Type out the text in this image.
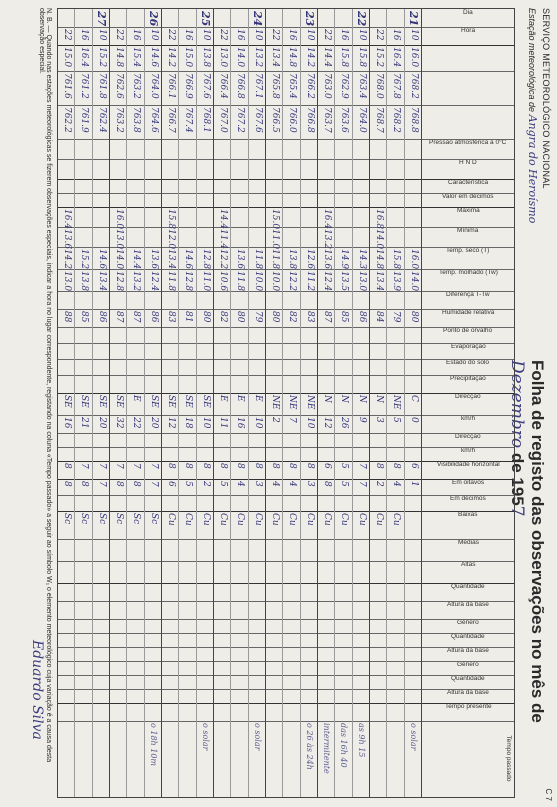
SERVIÇO METEOROLÓGICO NACIONAL
Estação meteorológica de Angra do Heroísmo
Folha de registo das observações no mês de Dezembro de 1957
C 7
Dia
Hora
Pressão atmosférica a 0°C
H N D
Característica
Valor em décimos
Máxima
Mínima
Temp. seco (T)
Temp. molhado (Tw)
Diferença T-Tw
Humidade relativa
Ponto de orvalho
Evaporação
Estado do solo
Precipitação
Direcção
km/h
Direcção
km/h
Visibilidade horizontal
Em oitavos
Em décimos
Baixas
Médias
Altas
Quantidade
Altura da base
Género
Quantidade
Altura da base
Género
Quantidade
Altura da base
Tempo presente
Tempo passado
21
10
16.0
768.2
768.8
16.0
14.0
80
C
0
6
1
o solar
16
16.4
767.8
768.2
15.8
13.9
79
NE
5
8
4
Cu
22
15.2
768.0
768.7
16.8
14.0
14.8
13.4
84
N
3
8
2
Cu
22
10
15.8
763.4
764.0
14.3
13.0
86
N
9
7
7
Cu
as 9h 15
16
15.8
762.9
763.6
14.9
13.5
85
N
26
5
5
Cu
das 16h 40
22
14.4
763.0
763.7
16.4
13.2
13.6
12.4
87
N
12
6
8
Cu
intermitente
23
10
14.2
766.2
766.8
12.6
11.2
83
NE
10
8
3
Cu
o 26 às 24h
16
14.8
765.4
766.0
13.8
12.2
82
NE
7
8
4
Cu
22
13.4
765.8
766.5
15.0
11.0
11.8
10.0
80
NE
2
8
4
Cu
24
10
13.2
767.1
767.6
11.8
10.0
79
E
10
8
3
Cu
o solar
16
14.0
766.8
767.2
13.6
11.8
80
E
16
8
4
Cu
22
13.0
766.4
767.0
14.4
11.4
12.2
10.6
82
E
11
8
5
Cu
25
10
13.8
767.6
768.1
12.8
11.0
80
SE
10
8
2
Cu
o solar
16
15.0
766.9
767.4
14.6
12.8
81
SE
18
8
5
Cu
22
14.2
766.1
766.7
15.8
12.0
13.4
11.8
83
SE
12
8
6
Cu
26
10
14.6
764.0
764.6
13.6
12.4
86
SE
20
7
7
Sc
o 18h 10m
16
15.4
763.2
763.8
14.4
13.2
87
E
22
7
8
Sc
22
14.8
762.6
763.2
16.0
13.0
14.0
12.8
87
SE
32
7
8
Sc
27
10
15.2
761.8
762.4
14.6
13.4
86
SE
20
7
7
Sc
16
16.4
761.2
761.9
15.2
13.8
85
SE
21
7
8
Sc
22
15.0
761.6
762.2
16.4
13.6
14.2
13.0
88
SE
16
8
8
Sc
N. B. — Quando nas estações meteorológicas se fizerem observações especiais, indicar a hora no lugar correspondente, registando na coluna «Tempo passado» a seguir ao símbolo W₁ o elemento meteorológico cuja variação é a causa desta observação especial.
Eduardo Silva
